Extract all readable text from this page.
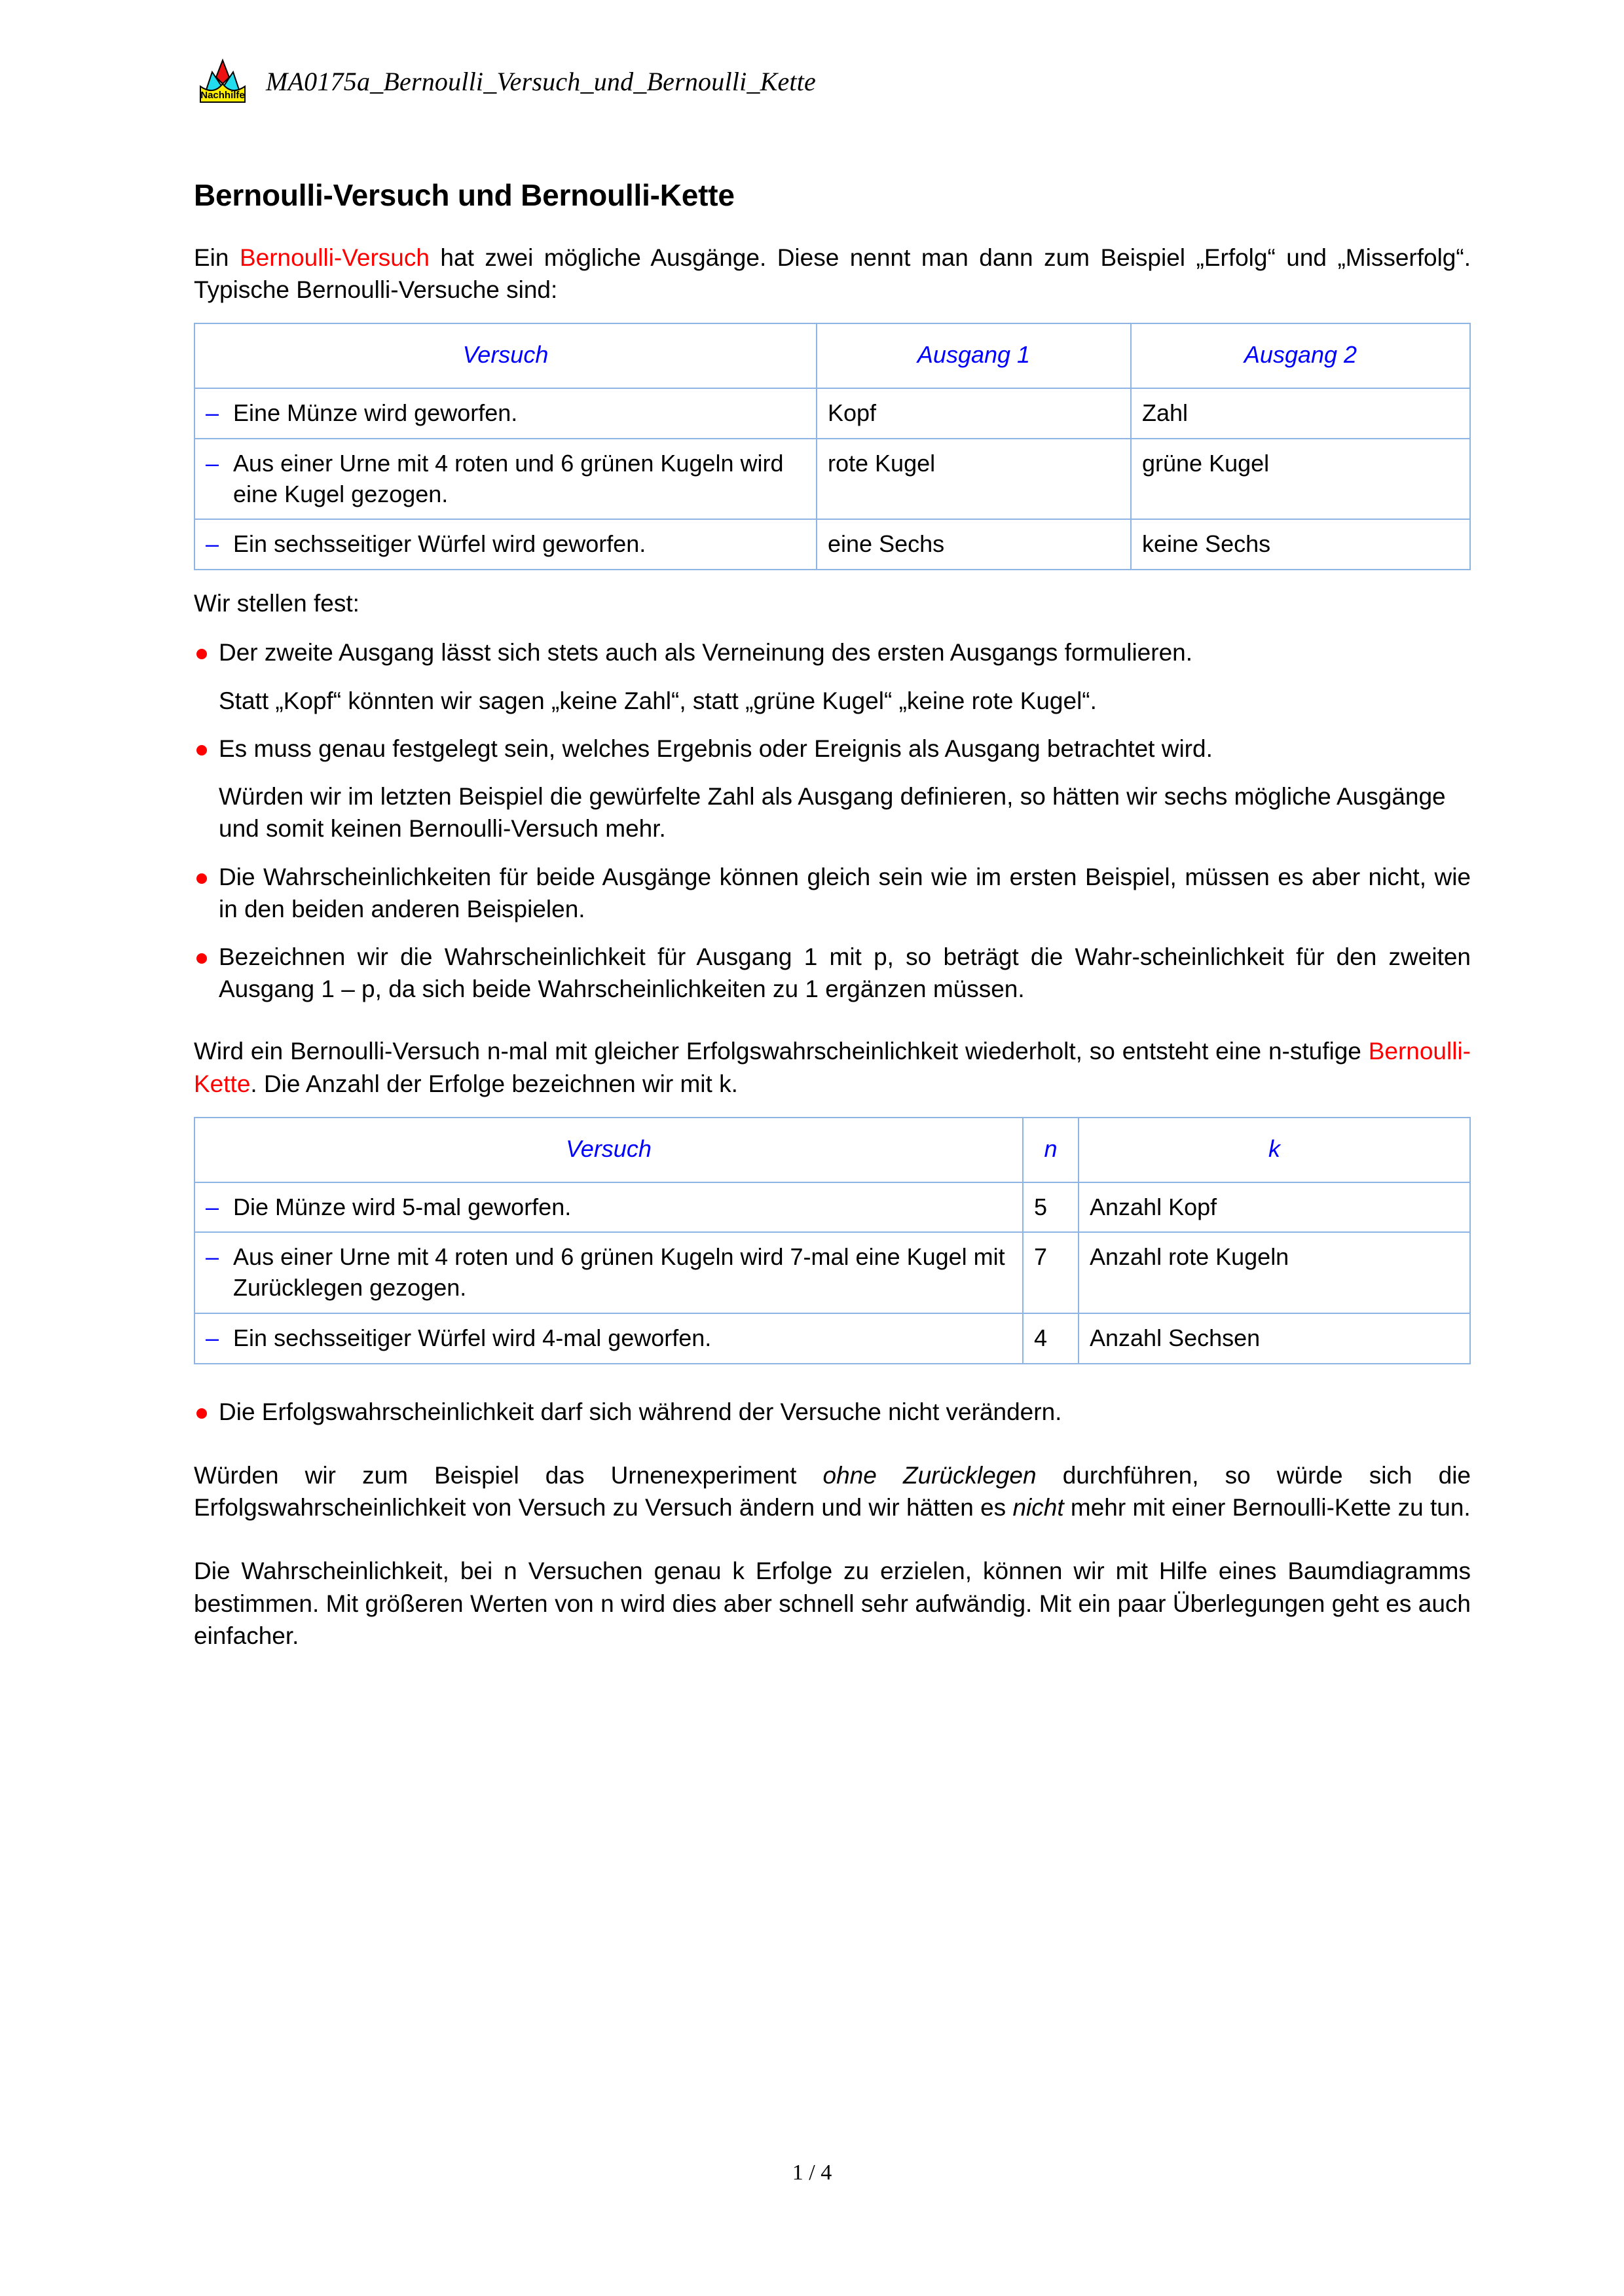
Nachhilfe MA0175a_Bernoulli_Versuch_und_Bernoulli_Kette
Bernoulli-Versuch und Bernoulli-Kette

Ein Bernoulli-Versuch hat zwei mögliche Ausgänge. Diese nennt man dann zum Beispiel „Erfolg“ und „Misserfolg“. Typische Bernoulli-Versuche sind:

Versuch	Ausgang 1	Ausgang 2

– Eine Münze wird geworfen.	Kopf	Zahl

– Aus einer Urne mit 4 roten und 6 grünen Kugeln wird eine Kugel gezogen.	rote Kugel	grüne Kugel

– Ein sechsseitiger Würfel wird geworfen.	eine Sechs	keine Sechs

Wir stellen fest:

Der zweite Ausgang lässt sich stets auch als Verneinung des ersten Ausgangs formulieren.

Statt „Kopf“ könnten wir sagen „keine Zahl“, statt „grüne Kugel“ „keine rote Kugel“.

Es muss genau festgelegt sein, welches Ergebnis oder Ereignis als Ausgang betrachtet wird.

Würden wir im letzten Beispiel die gewürfelte Zahl als Ausgang definieren, so hätten wir sechs mögliche Ausgänge und somit keinen Bernoulli-Versuch mehr.

Die Wahrscheinlichkeiten für beide Ausgänge können gleich sein wie im ersten Beispiel, müssen es aber nicht, wie in den beiden anderen Beispielen.

Bezeichnen wir die Wahrscheinlichkeit für Ausgang 1 mit p, so beträgt die Wahr-scheinlichkeit für den zweiten Ausgang 1 – p, da sich beide Wahrscheinlichkeiten zu 1 ergänzen müssen.

Wird ein Bernoulli-Versuch n-mal mit gleicher Erfolgswahrscheinlichkeit wiederholt, so entsteht eine n-stufige Bernoulli-Kette. Die Anzahl der Erfolge bezeichnen wir mit k.

Versuch	n	k

– Die Münze wird 5-mal geworfen.	5	Anzahl Kopf

– Aus einer Urne mit 4 roten und 6 grünen Kugeln wird 7-mal eine Kugel mit Zurücklegen gezogen.	7	Anzahl rote Kugeln

– Ein sechsseitiger Würfel wird 4-mal geworfen.	4	Anzahl Sechsen

Die Erfolgswahrscheinlichkeit darf sich während der Versuche nicht verändern.

Würden wir zum Beispiel das Urnenexperiment ohne Zurücklegen durchführen, so würde sich die Erfolgswahrscheinlichkeit von Versuch zu Versuch ändern und wir hätten es nicht mehr mit einer Bernoulli-Kette zu tun.

Die Wahrscheinlichkeit, bei n Versuchen genau k Erfolge zu erzielen, können wir mit Hilfe eines Baumdiagramms bestimmen. Mit größeren Werten von n wird dies aber schnell sehr aufwändig. Mit ein paar Überlegungen geht es auch einfacher.

1 / 4
